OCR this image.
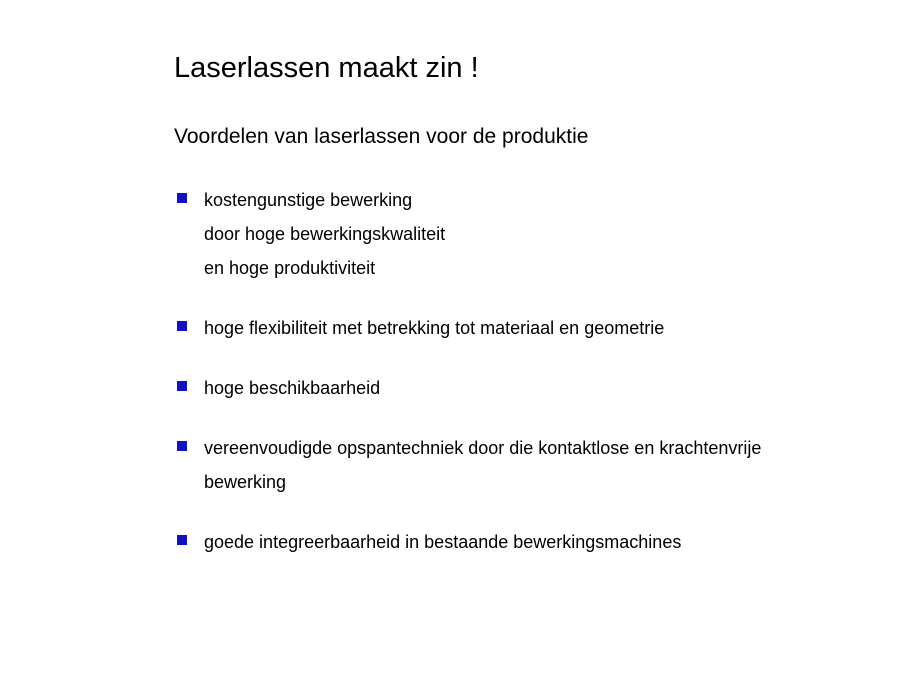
Laserlassen maakt zin !
Voordelen van laserlassen voor de produktie
kostengunstige bewerking
door hoge bewerkingskwaliteit
en hoge produktiviteit
hoge flexibiliteit met betrekking tot materiaal en geometrie
hoge beschikbaarheid
vereenvoudigde opspantechniek door die kontaktlose en krachtenvrije
bewerking
goede integreerbaarheid in bestaande bewerkingsmachines
